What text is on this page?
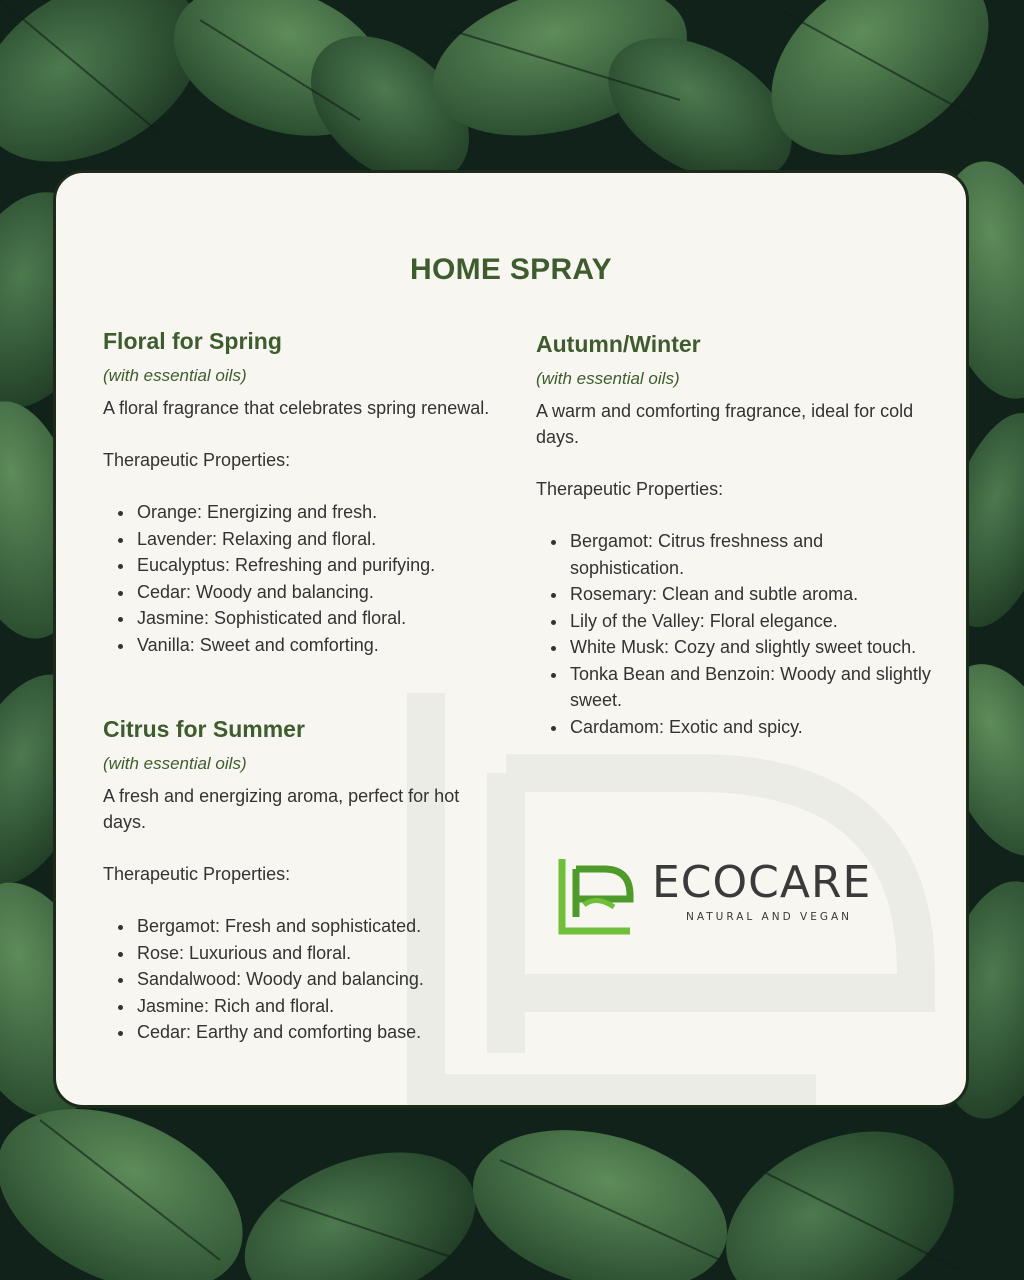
HOME SPRAY
Floral for Spring

(with essential oils)

A floral fragrance that celebrates spring renewal.

Therapeutic Properties:

• Orange: Energizing and fresh.
• Lavender: Relaxing and floral.
• Eucalyptus: Refreshing and purifying.
• Cedar: Woody and balancing.
• Jasmine: Sophisticated and floral.
• Vanilla: Sweet and comforting.
Citrus for Summer

(with essential oils)

A fresh and energizing aroma, perfect for hot days.

Therapeutic Properties:

• Bergamot: Fresh and sophisticated.
• Rose: Luxurious and floral.
• Sandalwood: Woody and balancing.
• Jasmine: Rich and floral.
• Cedar: Earthy and comforting base.
Autumn/Winter

(with essential oils)

A warm and comforting fragrance, ideal for cold days.

Therapeutic Properties:

• Bergamot: Citrus freshness and sophistication.
• Rosemary: Clean and subtle aroma.
• Lily of the Valley: Floral elegance.
• White Musk: Cozy and slightly sweet touch.
• Tonka Bean and Benzoin: Woody and slightly sweet.
• Cardamom: Exotic and spicy.
ECOCARE
NATURAL AND VEGAN
